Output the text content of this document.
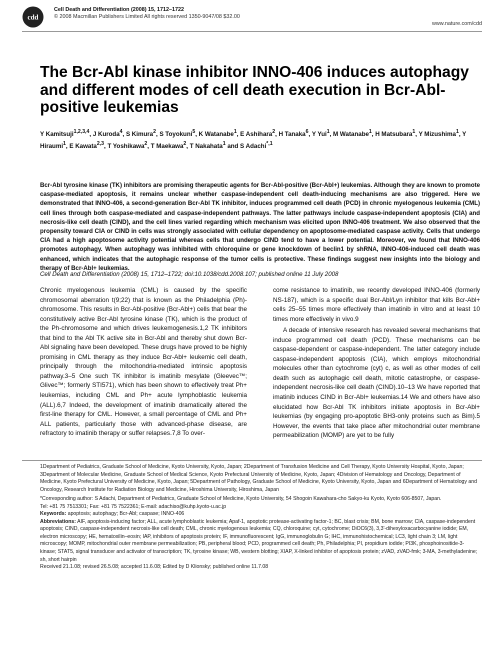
cdd
Cell Death and Differentiation (2008) 15, 1712–1722
© 2008 Macmillan Publishers Limited All rights reserved 1350-9047/08 $32.00
www.nature.com/cdd
The Bcr-Abl kinase inhibitor INNO-406 induces autophagy and different modes of cell death execution in Bcr-Abl-positive leukemias

Y Kamitsuji$^{1,2,3,4}$, J Kuroda$^4$, S Kimura$^2$, S Toyokuni$^5$, K Watanabe$^1$, E Ashihara$^2$, H Tanaka$^6$, Y Yui$^1$, M Watanabe$^1$, H Matsubara$^1$, Y Mizushima$^1$, Y Hiraumi$^1$, E Kawata$^{2,3}$, T Yoshikawa$^2$, T Maekawa$^2$, T Nakahata$^1$ and S Adachi$^{*,1}$

Bcr-Abl tyrosine kinase (TK) inhibitors are promising therapeutic agents for Bcr-Abl-positive (Bcr-Abl+) leukemias. Although they are known to promote caspase-mediated apoptosis, it remains unclear whether caspase-independent cell death-inducing mechanisms are also triggered. Here we demonstrated that INNO-406, a second-generation Bcr-Abl TK inhibitor, induces programmed cell death (PCD) in chronic myelogenous leukemia (CML) cell lines through both caspase-mediated and caspase-independent pathways. The latter pathways include caspase-independent apoptosis (CIA) and necrosis-like cell death (CIND), and the cell lines varied regarding which mechanism was elicited upon INNO-406 treatment. We also observed that the propensity toward CIA or CIND in cells was strongly associated with cellular dependency on apoptosome-mediated caspase activity. Cells that undergo CIA had a high apoptosome activity potential whereas cells that undergo CIND tend to have a lower potential. Moreover, we found that INNO-406 promotes autophagy. When autophagy was inhibited with chloroquine or gene knockdown of beclin1 by shRNA, INNO-406-induced cell death was enhanced, which indicates that the autophagic response of the tumor cells is protective. These findings suggest new insights into the biology and therapy of Bcr-Abl+ leukemias.

Cell Death and Differentiation (2008) 15, 1712–1722; doi:10.1038/cdd.2008.107; published online 11 July 2008

Chronic myelogenous leukemia (CML) is caused by the specific chromosomal aberration t(9;22) that is known as the Philadelphia (Ph)-chromosome. This results in Bcr-Abl-positive (Bcr-Abl+) cells that bear the constitutively active Bcr-Abl tyrosine kinase (TK), which is the product of the Ph-chromosome and which drives leukemogenesis.1,2 TK inhibitors that bind to the Abl TK active site in Bcr-Abl and thereby shut down Bcr-Abl signaling have been developed. These drugs have proved to be highly promising in CML therapy as they induce Bcr-Abl+ leukemic cell death, principally through the mitochondria-mediated intrinsic apoptosis pathway.3–5 One such TK inhibitor is imatinib mesylate (Gleevec™; Glivec™; formerly STI571), which has been shown to effectively treat Ph+ leukemias, including CML and Ph+ acute lymphoblastic leukemia (ALL).6,7 Indeed, the development of imatinib dramatically altered the first-line therapy for CML. However, a small percentage of CML and Ph+ ALL patients, particularly those with advanced-phase disease, are refractory to imatinib therapy or suffer relapses.7,8 To over-

come resistance to imatinib, we recently developed INNO-406 (formerly NS-187), which is a specific dual Bcr-Abl/Lyn inhibitor that kills Bcr-Abl+ cells 25–55 times more effectively than imatinib in vitro and at least 10 times more effectively in vivo.9

A decade of intensive research has revealed several mechanisms that induce programmed cell death (PCD). These mechanisms can be caspase-dependent or caspase-independent. The latter category include caspase-independent apoptosis (CIA), which employs mitochondrial molecules other than cytochrome (cyt) c, as well as other modes of cell death such as autophagic cell death, mitotic catastrophe, or caspase-independent necrosis-like cell death (CIND).10–13 We have reported that imatinib induces CIND in Bcr-Abl+ leukemias.14 We and others have also elucidated how Bcr-Abl TK inhibitors initiate apoptosis in Bcr-Abl+ leukemias (by engaging pro-apoptotic BH3-only proteins such as Bim).5 However, the events that take place after mitochondrial outer membrane permeabilization (MOMP) are yet to be fully

1Department of Pediatrics, Graduate School of Medicine, Kyoto University, Kyoto, Japan; 2Department of Transfusion Medicine and Cell Therapy, Kyoto University Hospital, Kyoto, Japan; 3Department of Molecular Medicine, Graduate School of Medical Science, Kyoto Prefectural University of Medicine, Kyoto, Japan; 4Division of Hematology and Oncology, Department of Medicine, Kyoto Prefectural University of Medicine, Kyoto, Japan; 5Department of Pathology, Graduate School of Medicine, Kyoto University, Kyoto, Japan and 6Department of Hematology and Oncology, Research Institute for Radiation Biology and Medicine, Hiroshima University, Hiroshima, Japan

*Corresponding author: S Adachi, Department of Pediatrics, Graduate School of Medicine, Kyoto University, 54 Shogoin Kawahara-cho Sakyo-ku Kyoto, Kyoto 606-8507, Japan.

Tel: +81 75 7513301; Fax: +81 75 7522361; E-mail: adachiso@kuhp.kyoto-u.ac.jp

Keywords: apoptosis; autophagy; Bcr-Abl; caspase; INNO-406

Abbreviations: AIF, apoptosis-inducing factor; ALL, acute lymphoblastic leukemia; Apaf-1, apoptotic protease-activating factor-1; BC, blast crisis; BM, bone marrow; CIA, caspase-independent apoptosis; CIND, caspase-independent necrosis-like cell death; CML, chronic myelogenous leukemia; CQ, chloroquine; cyt, cytochrome; DiOC6(3), 3,3'-dihexyloxacarbocyanine iodide; EM, electron microscopy; HE, hematoxilin–eosin; IAP, inhibitors of apoptosis protein; IF, immunofluorescent; IgG, immunoglobulin G; IHC, immunohistochemical; LC3, light chain 3; LM, light microscopy; MOMP, mitochondrial outer membrane permeabilization; PB, peripheral blood; PCD, programmed cell death; Ph, Philadelphia; PI, propidium iodide; PI3K, phosphoinositide-3-kinase; STAT5, signal transducer and activator of transcription; TK, tyrosine kinase; WB, western blotting; XIAP, X-linked inhibitor of apoptosis protein; zVAD, zVAD-fmk; 3-MA, 3-methyladenine; sh, short hairpin

Received 21.1.08; revised 26.5.08; accepted 11.6.08; Edited by D Klionsky; published online 11.7.08
